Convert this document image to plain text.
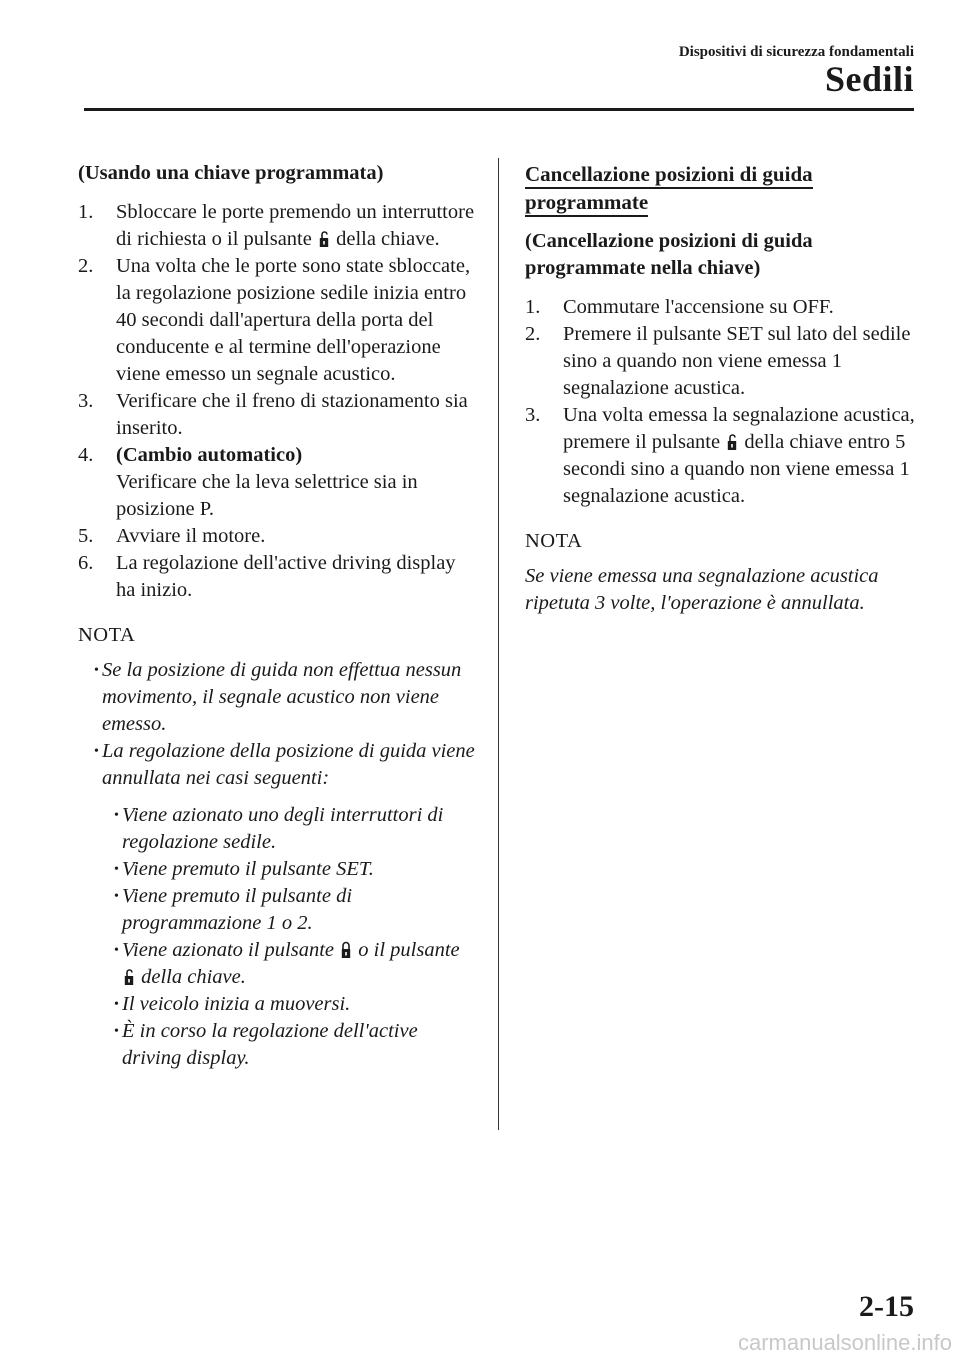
Dispositivi di sicurezza fondamentali
Sedili
(Usando una chiave programmata)
1.	Sbloccare le porte premendo un interruttore di richiesta o il pulsante della chiave.
2.	Una volta che le porte sono state sbloccate, la regolazione posizione sedile inizia entro 40 secondi dall'apertura della porta del conducente e al termine dell'operazione viene emesso un segnale acustico.
3.	Verificare che il freno di stazionamento sia inserito.
4.	(Cambio automatico)
Verificare che la leva selettrice sia in posizione P.
5.	Avviare il motore.
6.	La regolazione dell'active driving display ha inizio.
NOTA
• Se la posizione di guida non effettua nessun movimento, il segnale acustico non viene emesso.
• La regolazione della posizione di guida viene annullata nei casi seguenti:
• Viene azionato uno degli interruttori di regolazione sedile.
• Viene premuto il pulsante SET.
• Viene premuto il pulsante di programmazione 1 o 2.
• Viene azionato il pulsante o il pulsante  della chiave.
• Il veicolo inizia a muoversi.
• È in corso la regolazione dell'active driving display.
Cancellazione posizioni di guida programmate
(Cancellazione posizioni di guida programmate nella chiave)
1.	Commutare l'accensione su OFF.
2.	Premere il pulsante SET sul lato del sedile sino a quando non viene emessa 1 segnalazione acustica.
3.	Una volta emessa la segnalazione acustica, premere il pulsante della chiave entro 5 secondi sino a quando non viene emessa 1 segnalazione acustica.
NOTA
Se viene emessa una segnalazione acustica ripetuta 3 volte, l'operazione è annullata.
2-15
carmanualsonline.info
